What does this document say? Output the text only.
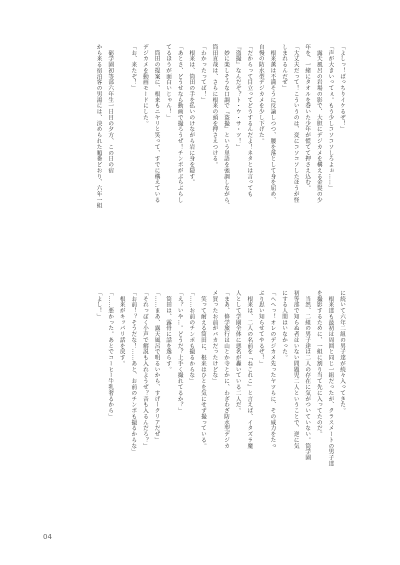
「よしっ！ばっちりイケるぜ！」
「声が大きいってぇ。もう少しコソコソしろよぉ……」
　露天風呂の岩場の影で、大胆にデジカメを構える金髪の少
年を、一緒にタオルを巻いた少年が慌てて押さえ込む。
「大丈夫だって！こういうのは、変にコソコソしたほうが怪
しまれるんだぜ」
　根来薫は不満そうに反論しつつ、腰を落として身を屈め、
自慢の防水型デジカメを少し下げた。
「だからって目立ってどうするんだよ！ネタとは言っても
『盗撮』なんだぞ？ト・ウ・サ・ツ！」
　妙に楽しそうな口調で『盗撮』という単語を強調しながら、
筒田直哉は、さらに根来の頭を押さえつける。
「わかったってば！」
　根来は、筒田の手を払いのけながら岩に身を隠す。
「あとさ、どうせなら動画で撮ろうぜ！チンポがぶらぶらし
てるほうが面白いじゃん！」
　筒田の提案に、根来もニヤリと笑って、すでに構えている
デジカメを動画モードにした。
「お、来たぞ！」

　砺学園初等部六年生一日目の夕方、この日の宿
から来る宿泊客の男湯には、決められた順番どおり、六年一組
に続いて六年二組の男子達が続々入ってきた。
　根来達も最初は周囲と同じ一組だったが、クラスメートの男子達
を撮影するために、一組に割り当て先に入ってたのだ。
　当然、二組の男子達は二人の存在に気がついていない。筒学園
初等部で知らぬ者はいない問題児二人ということで、逆に気
にする人間はいなかった。
「へへっ！オレのデジカメ先ったヤツらに、その威力をたっ
ぷり思い知らせてやるぜ！」
　根来は、二人の名前を『ねこれこ』と言えば、イタズラ魔
人として学園全体に悪名が轟いている二人だ。
「まあ、修学旅行は山とか寺とかに、わざわざ防水型デジカ
メ買ったお前がバカだったけどな」
　笑って耐える筒田に、根来はひとを気にせず撮っている。
「……お前のチンポも撮るからな」
「え？いや…。どうだ？上手く撮れてるか？」
　筒田は、露骨に話を逸らす。
「……まあ、露天風呂で明るいから、すげークリアだぜ」
「それっぽく小声で解説も入れようぜ？音も入るんだろ？」
「お前！？そうだな！……あと、お前のチンポも撮るからな」
　根来がキッパリ話を戻す。
「……悪かった。あとでコーヒー牛乳奢るから」
「よし！」
04
